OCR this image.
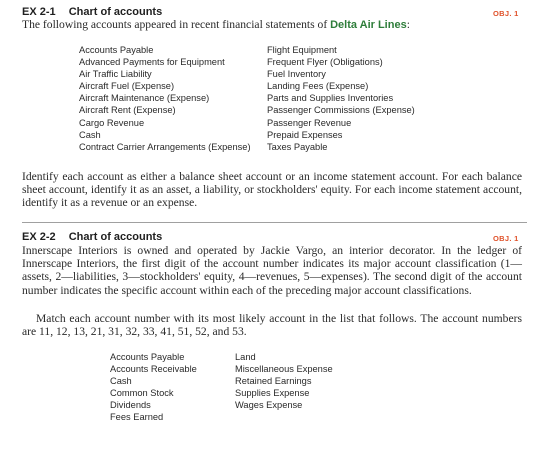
EX 2-1 Chart of accounts	OBJ. 1
The following accounts appeared in recent financial statements of Delta Air Lines:
Accounts Payable
Advanced Payments for Equipment
Air Traffic Liability
Aircraft Fuel (Expense)
Aircraft Maintenance (Expense)
Aircraft Rent (Expense)
Cargo Revenue
Cash
Contract Carrier Arrangements (Expense)
Flight Equipment
Frequent Flyer (Obligations)
Fuel Inventory
Landing Fees (Expense)
Parts and Supplies Inventories
Passenger Commissions (Expense)
Passenger Revenue
Prepaid Expenses
Taxes Payable
Identify each account as either a balance sheet account or an income statement account. For each balance sheet account, identify it as an asset, a liability, or stockholders' equity. For each income statement account, identify it as a revenue or an expense.
EX 2-2 Chart of accounts	OBJ. 1
Innerscape Interiors is owned and operated by Jackie Vargo, an interior decorator. In the ledger of Innerscape Interiors, the first digit of the account number indicates its major account classification (1—assets, 2—liabilities, 3—stockholders' equity, 4—revenues, 5—expenses). The second digit of the account number indicates the specific account within each of the preceding major account classifications.
Match each account number with its most likely account in the list that follows. The account numbers are 11, 12, 13, 21, 31, 32, 33, 41, 51, 52, and 53.
Accounts Payable
Accounts Receivable
Cash
Common Stock
Dividends
Fees Earned
Land
Miscellaneous Expense
Retained Earnings
Supplies Expense
Wages Expense
